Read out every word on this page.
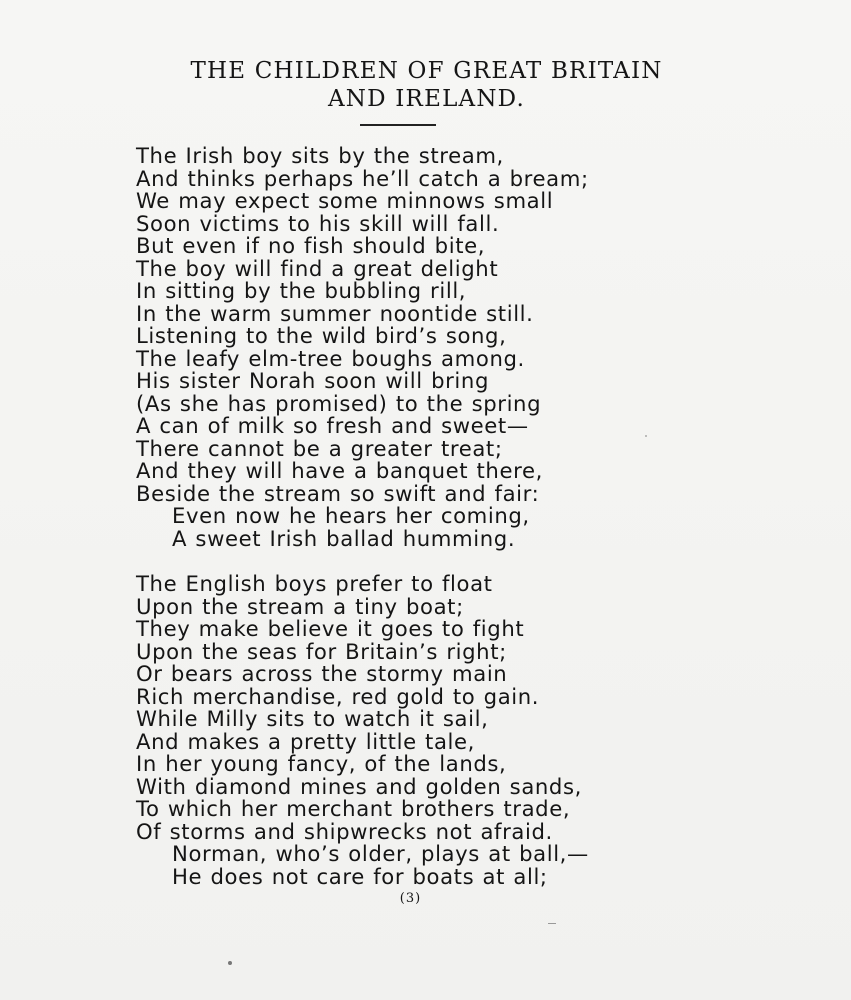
THE CHILDREN OF GREAT BRITAIN
AND IRELAND.
The Irish boy sits by the stream,
And thinks perhaps he’ll catch a bream;
We may expect some minnows small
Soon victims to his skill will fall.
But even if no fish should bite,
The boy will find a great delight
In sitting by the bubbling rill,
In the warm summer noontide still.
Listening to the wild bird’s song,
The leafy elm-tree boughs among.
His sister Norah soon will bring
(As she has promised) to the spring
A can of milk so fresh and sweet—
There cannot be a greater treat;
And they will have a banquet there,
Beside the stream so swift and fair:
Even now he hears her coming,
A sweet Irish ballad humming.
The English boys prefer to float
Upon the stream a tiny boat;
They make believe it goes to fight
Upon the seas for Britain’s right;
Or bears across the stormy main
Rich merchandise, red gold to gain.
While Milly sits to watch it sail,
And makes a pretty little tale,
In her young fancy, of the lands,
With diamond mines and golden sands,
To which her merchant brothers trade,
Of storms and shipwrecks not afraid.
Norman, who’s older, plays at ball,—
He does not care for boats at all;

(3)
